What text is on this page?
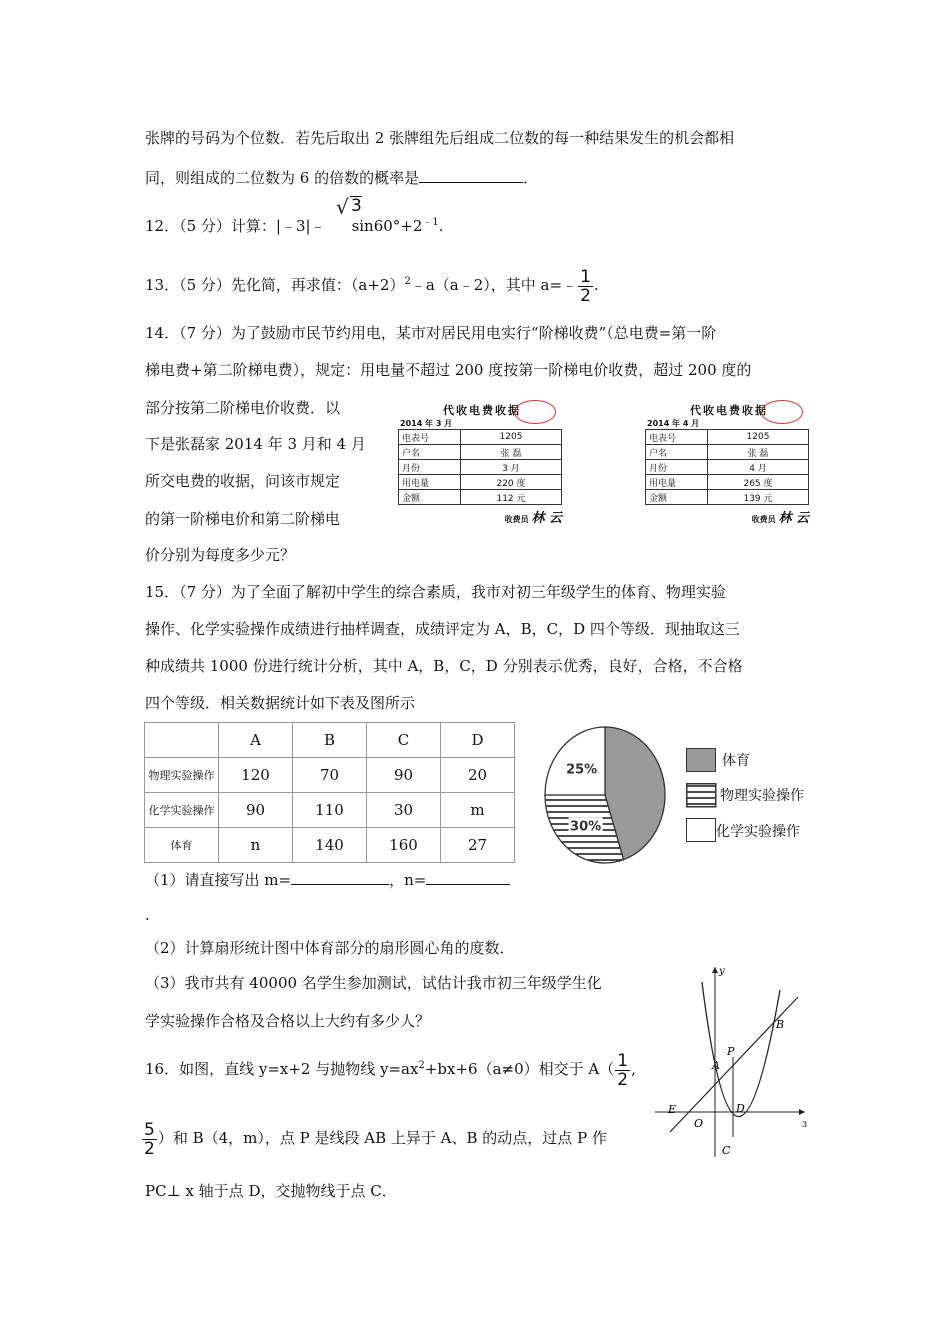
张牌的号码为个位数．若先后取出 2 张牌组先后组成二位数的每一种结果发生的机会都相
同，则组成的二位数为 6 的倍数的概率是	．
12．（5 分）计算：|﹣3|﹣ $\sin 60^\circ+2^{﹣1}$.
√ 3
13．（5 分）先化简，再求值：$(a+2)^2﹣a(a﹣2)$，其中 a=﹣ $\frac{1}{2}$ .
14．（7 分）为了鼓励市民节约用电，某市对居民用电实行“阶梯收费”（总电费=第一阶
梯电费+第二阶梯电费），规定：用电量不超过 200 度按第一阶梯电价收费，超过 200 度的
部分按第二阶梯电价收费．以
下是张磊家 2014 年 3 月和 4 月
所交电费的收据，问该市规定
的第一阶梯电价和第二阶梯电
价分别为每度多少元？
代收电费收据
2014 年 3 月
电表号	1205
户名	张 磊
月份	3 月
用电量	220 度
金额	112 元
收费员 林 云
代收电费收据
2014 年 4 月
电表号	1205
户名	张 磊
月份	4 月
用电量	265 度
金额	139 元
收费员 林 云
15．（7 分）为了全面了解初中学生的综合素质，我市对初三年级学生的体育、物理实验
操作、化学实验操作成绩进行抽样调查，成绩评定为 A，B，C，D 四个等级．现抽取这三
种成绩共 1000 份进行统计分析，其中 A，B，C，D 分别表示优秀，良好，合格，不合格
四个等级．相关数据统计如下表及图所示
	A	B	C	D
物理实验操作	120	70	90	20
化学实验操作	90	110	30	m
体育	n	140	160	27
30%
25%
体育
物理实验操作
化学实验操作
（1）请直接写出 m=	，n=
.
（2）计算扇形统计图中体育部分的扇形圆心角的度数．
（3）我市共有 40000 名学生参加测试，试估计我市初三年级学生化
学实验操作合格及合格以上大约有多少人？
16．如图，直线 y=x+2 与抛物线 $y=ax^2+bx+6(a\ne 0)$相交于 $A( \frac{1}{2}$ ,
$\frac{5}{2}$ ）和 B（4，m），点 P 是线段 AB 上异于 A、B 的动点，过点 P 作
PC⊥ x 轴于点 D，交抛物线于点 C．
y
3
B
P
A
E
O
D
C
